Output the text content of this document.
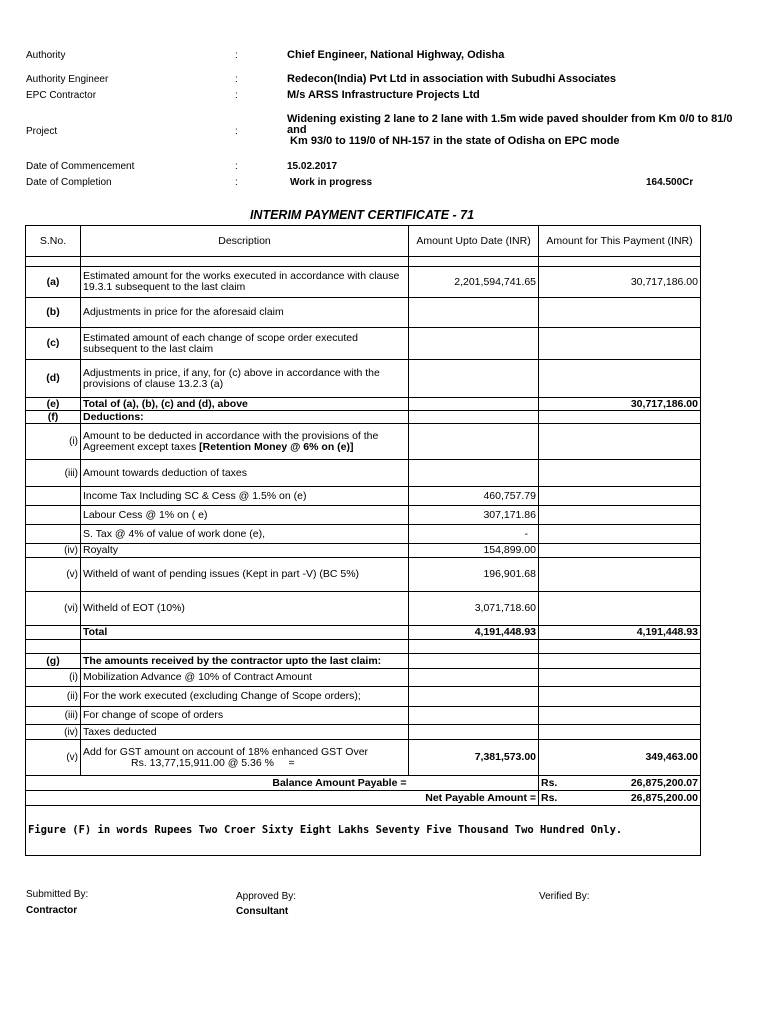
Authority	:	Chief Engineer, National Highway, Odisha
Authority Engineer	:	Redecon(India) Pvt Ltd in association with Subudhi Associates
EPC Contractor	:	M/s ARSS Infrastructure Projects Ltd
Project	:
Widening existing 2 lane to 2 lane with 1.5m wide paved shoulder from Km 0/0 to 81/0
and
Km 93/0 to 119/0 of NH-157 in the state of Odisha on EPC mode
Date of Commencement	:	15.02.2017
Date of Completion	:	Work in progress	164.500Cr
INTERIM PAYMENT CERTIFICATE - 71
S.No.	Description	Amount Upto Date (INR)	Amount for This Payment (INR)

(a)	Estimated amount for the works executed in accordance with clause 19.3.1 subsequent to the last claim	2,201,594,741.65	30,717,186.00
(b)	Adjustments in price for the aforesaid claim		
(c)	Estimated amount of each change of scope order executed subsequent to the last claim		
(d)	Adjustments in price, if any, for (c) above in accordance with the provisions of clause 13.2.3 (a)		
(e)	Total of (a), (b), (c) and (d), above		30,717,186.00
(f)	Deductions:		
(i)	Amount to be deducted in accordance with the provisions of the Agreement except taxes [Retention Money @ 6% on (e)]		
(iii)	Amount towards deduction of taxes		
	Income Tax Including SC & Cess @ 1.5% on (e)	460,757.79	
	Labour Cess @ 1% on ( e)	307,171.86	
	S. Tax @ 4% of value of work done (e),	-	
(iv)	Royalty	154,899.00	
(v)	Witheld of want of pending issues (Kept in part -V) (BC 5%)	196,901.68	
(vi)	Witheld of EOT (10%)	3,071,718.60	
	Total	4,191,448.93	4,191,448.93

(g)	The amounts received by the contractor upto the last claim:		
(i)	Mobilization Advance @ 10% of Contract Amount		
(ii)	For the work executed (excluding Change of Scope orders);		
(iii)	For change of scope of orders		
(iv)	Taxes deducted		
(v)	Add for GST amount on account of 18% enhanced GST Over
Rs. 13,77,15,911.00 @ 5.36 %     =	7,381,573.00	349,463.00
Balance Amount Payable =			Rs. 26,875,200.07
Net Payable Amount =			Rs. 26,875,200.00
Figure (F) in words Rupees Two Croer Sixty Eight Lakhs Seventy Five Thousand Two Hundred Only.			
Submitted By:
Contractor
Approved By:
Consultant
Verified By:
